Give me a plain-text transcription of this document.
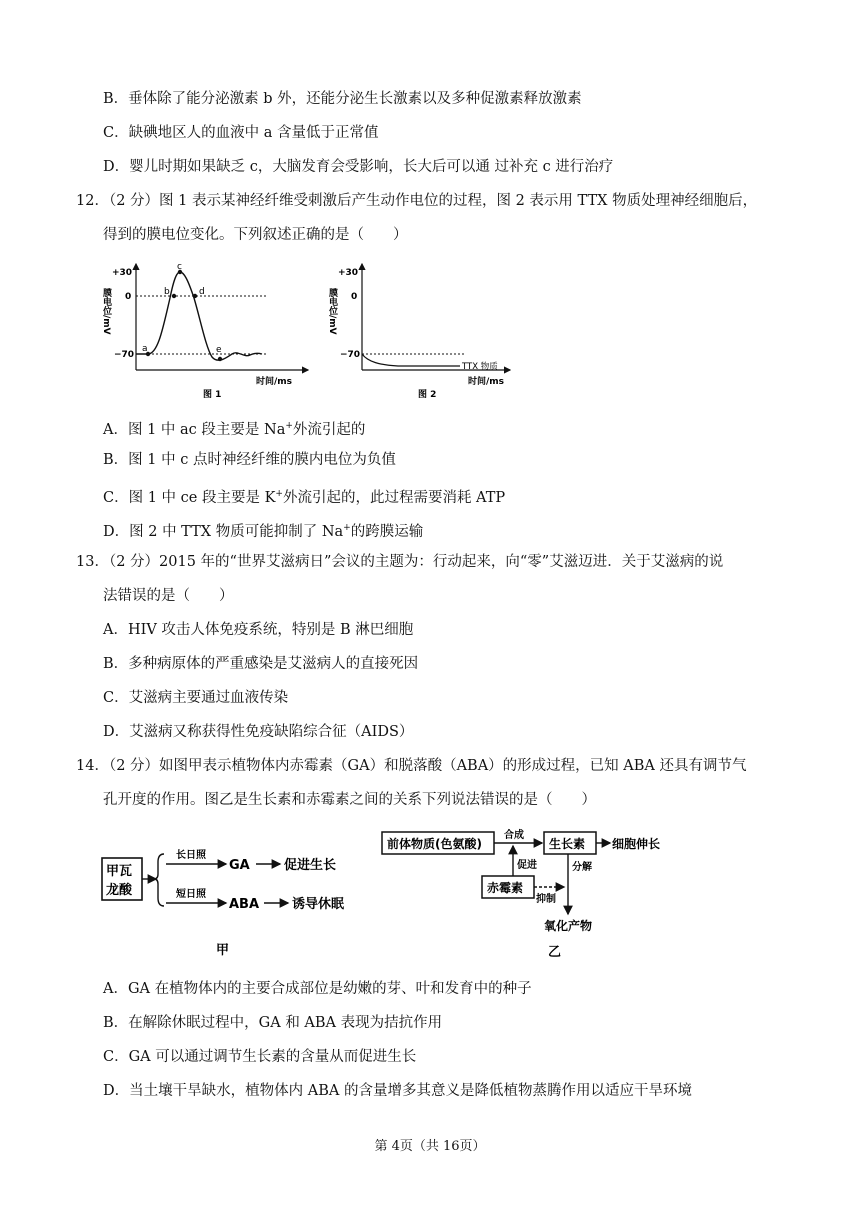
B．垂体除了能分泌激素 b 外，还能分泌生长激素以及多种促激素释放激素
C．缺碘地区人的血液中 a 含量低于正常值
D．婴儿时期如果缺乏 c，大脑发育会受影响，长大后可以通 过补充 c 进行治疗
12．（2 分）图 1 表示某神经纤维受刺激后产生动作电位的过程，图 2 表示用 TTX 物质处理神经细胞后，
得到的膜电位变化。下列叙述正确的是（　　）
a
b
c
d
e
+30
0
−70
膜电位/mV
时间/ms
图 1
+30
0
−70
膜电位/mV
TTX 物质
时间/ms
图 2
A．图 1 中 ac 段主要是 Na+外流引起的
B．图 1 中 c 点时神经纤维的膜内电位为负值
C．图 1 中 ce 段主要是 K+外流引起的，此过程需要消耗 ATP
D．图 2 中 TTX 物质可能抑制了 Na+的跨膜运输
13．（2 分）2015 年的“世界艾滋病日”会议的主题为：行动起来，向“零”艾滋迈进．关于艾滋病的说
法错误的是（　　）
A．HIV 攻击人体免疫系统，特别是 B 淋巴细胞
B．多种病原体的严重感染是艾滋病人的直接死因
C．艾滋病主要通过血液传染
D．艾滋病又称获得性免疫缺陷综合征（AIDS）
14．（2 分）如图甲表示植物体内赤霉素（GA）和脱落酸（ABA）的形成过程，已知 ABA 还具有调节气
孔开度的作用。图乙是生长素和赤霉素之间的关系下列说法错误的是（　　）
甲瓦
龙酸
长日照
GA	促进生长
短日照
ABA	诱导休眠
甲
前体物质(色氨酸)
合成
生长素 细胞伸长
赤霉素
促进
抑制
分解
氧化产物
乙
A．GA 在植物体内的主要合成部位是幼嫩的芽、叶和发育中的种子
B．在解除休眠过程中，GA 和 ABA 表现为拮抗作用
C．GA 可以通过调节生长素的含量从而促进生长
D．当土壤干旱缺水，植物体内 ABA 的含量增多其意义是降低植物蒸腾作用以适应干旱环境
第 4页（共 16页）
